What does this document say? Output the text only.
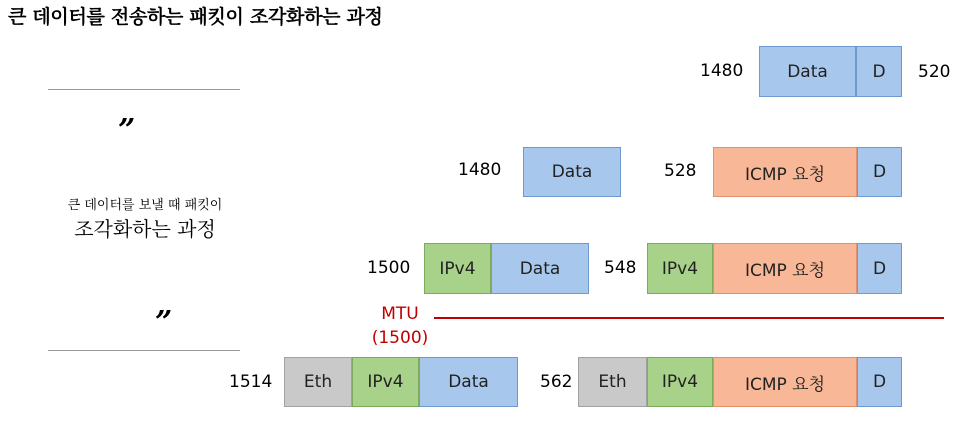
큰 데이터를 전송하는 패킷이 조각화하는 과정
”
큰 데이터를 보낼 때 패킷이
조각화하는 과정
”
1480	Data	D	520
1480	Data	528	ICMP 요청	D
1500	IPv4	Data	548	IPv4	ICMP 요청	D
MTU
(1500)
1514	Eth	IPv4	Data	562	Eth	IPv4	ICMP 요청	D
